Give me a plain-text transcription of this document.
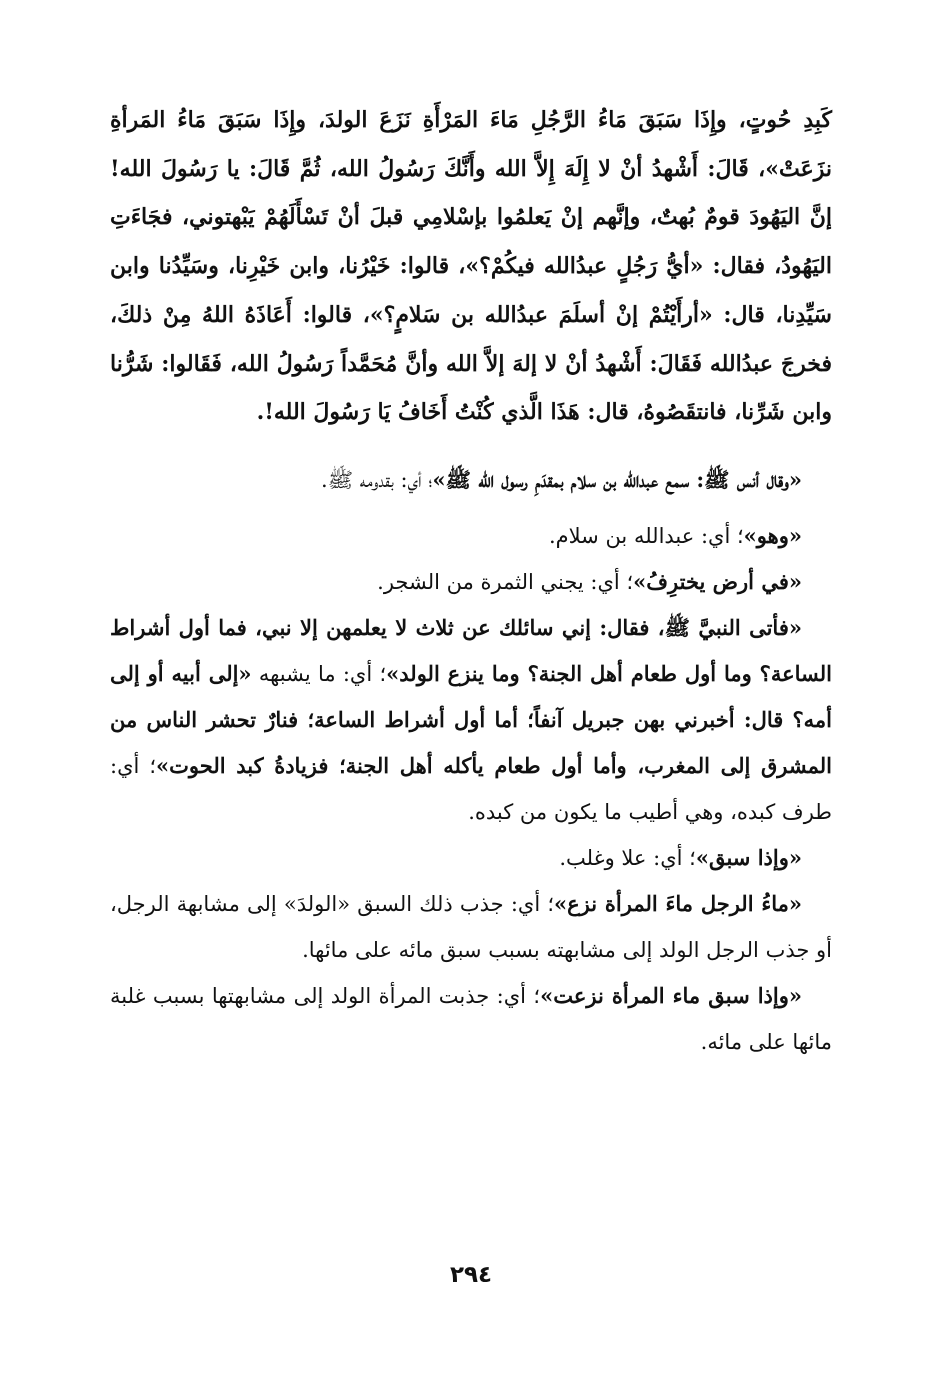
كَبِدِ حُوتٍ، وإِذَا سَبَقَ مَاءُ الرَّجُلِ مَاءَ المَرْأَةِ نَزَعَ الولدَ، وإِذَا سَبَقَ مَاءُ المَرأةِ نزَعَتْ»، قَالَ: أَشْهدُ أنْ لا إِلَهَ إِلاَّ الله وأَنَّكَ رَسُولُ الله، ثُمَّ قَالَ: يا رَسُولَ الله! إنَّ اليَهُودَ قومٌ بُهتٌ، وإنَّهم إنْ يَعلمُوا بإسْلامِي قبلَ أنْ تَسْأَلَهُمْ يَبْهتوني، فجَاءَتِ اليَهُودُ، فقال: «أيُّ رَجُلٍ عبدُالله فيكُمْ؟»، قالوا: خَيْرُنا، وابن خَيْرِنا، وسَيِّدُنا وابن سَيِّدِنا، قال: «أرأَيْتُمْ إنْ أسلَمَ عبدُالله بن سَلامٍ؟»، قالوا: أَعَاذَهُ اللهُ مِنْ ذلكَ، فخرجَ عبدُالله فَقَالَ: أَشْهدُ أنْ لا إلهَ إلاَّ الله وأنَّ مُحَمَّداً رَسُولُ الله، فَقَالوا: شَرُّنا وابن شَرِّنا، فانتقَصُوهُ، قال: هَذَا الَّذي كُنْتُ أَخَافُ يَا رَسُولَ الله!.

«وقال أنس ﷺ: سمع عبدالله بن سلام بمقدَمِ رسول الله ﷺ»؛ أي: بقدومه ﷺ.

«وهو»؛ أي: عبدالله بن سلام.

«في أرض يخترِفُ»؛ أي: يجني الثمرة من الشجر.

«فأتى النبيَّ ﷺ، فقال: إني سائلك عن ثلاث لا يعلمهن إلا نبي، فما أول أشراط الساعة؟ وما أول طعام أهل الجنة؟ وما ينزع الولد»؛ أي: ما يشبهه «إلى أبيه أو إلى أمه؟ قال: أخبرني بهن جبريل آنفاً؛ أما أول أشراط الساعة؛ فنارٌ تحشر الناس من المشرق إلى المغرب، وأما أول طعام يأكله أهل الجنة؛ فزيادةُ كبد الحوت»؛ أي: طرف كبده، وهي أطيب ما يكون من كبده.

«وإذا سبق»؛ أي: علا وغلب.

«ماءُ الرجل ماءَ المرأة نزع»؛ أي: جذب ذلك السبق «الولدَ» إلى مشابهة الرجل، أو جذب الرجل الولد إلى مشابهته بسبب سبق مائه على مائها.

«وإذا سبق ماء المرأة نزعت»؛ أي: جذبت المرأة الولد إلى مشابهتها بسبب غلبة مائها على مائه.

٢٩٤
